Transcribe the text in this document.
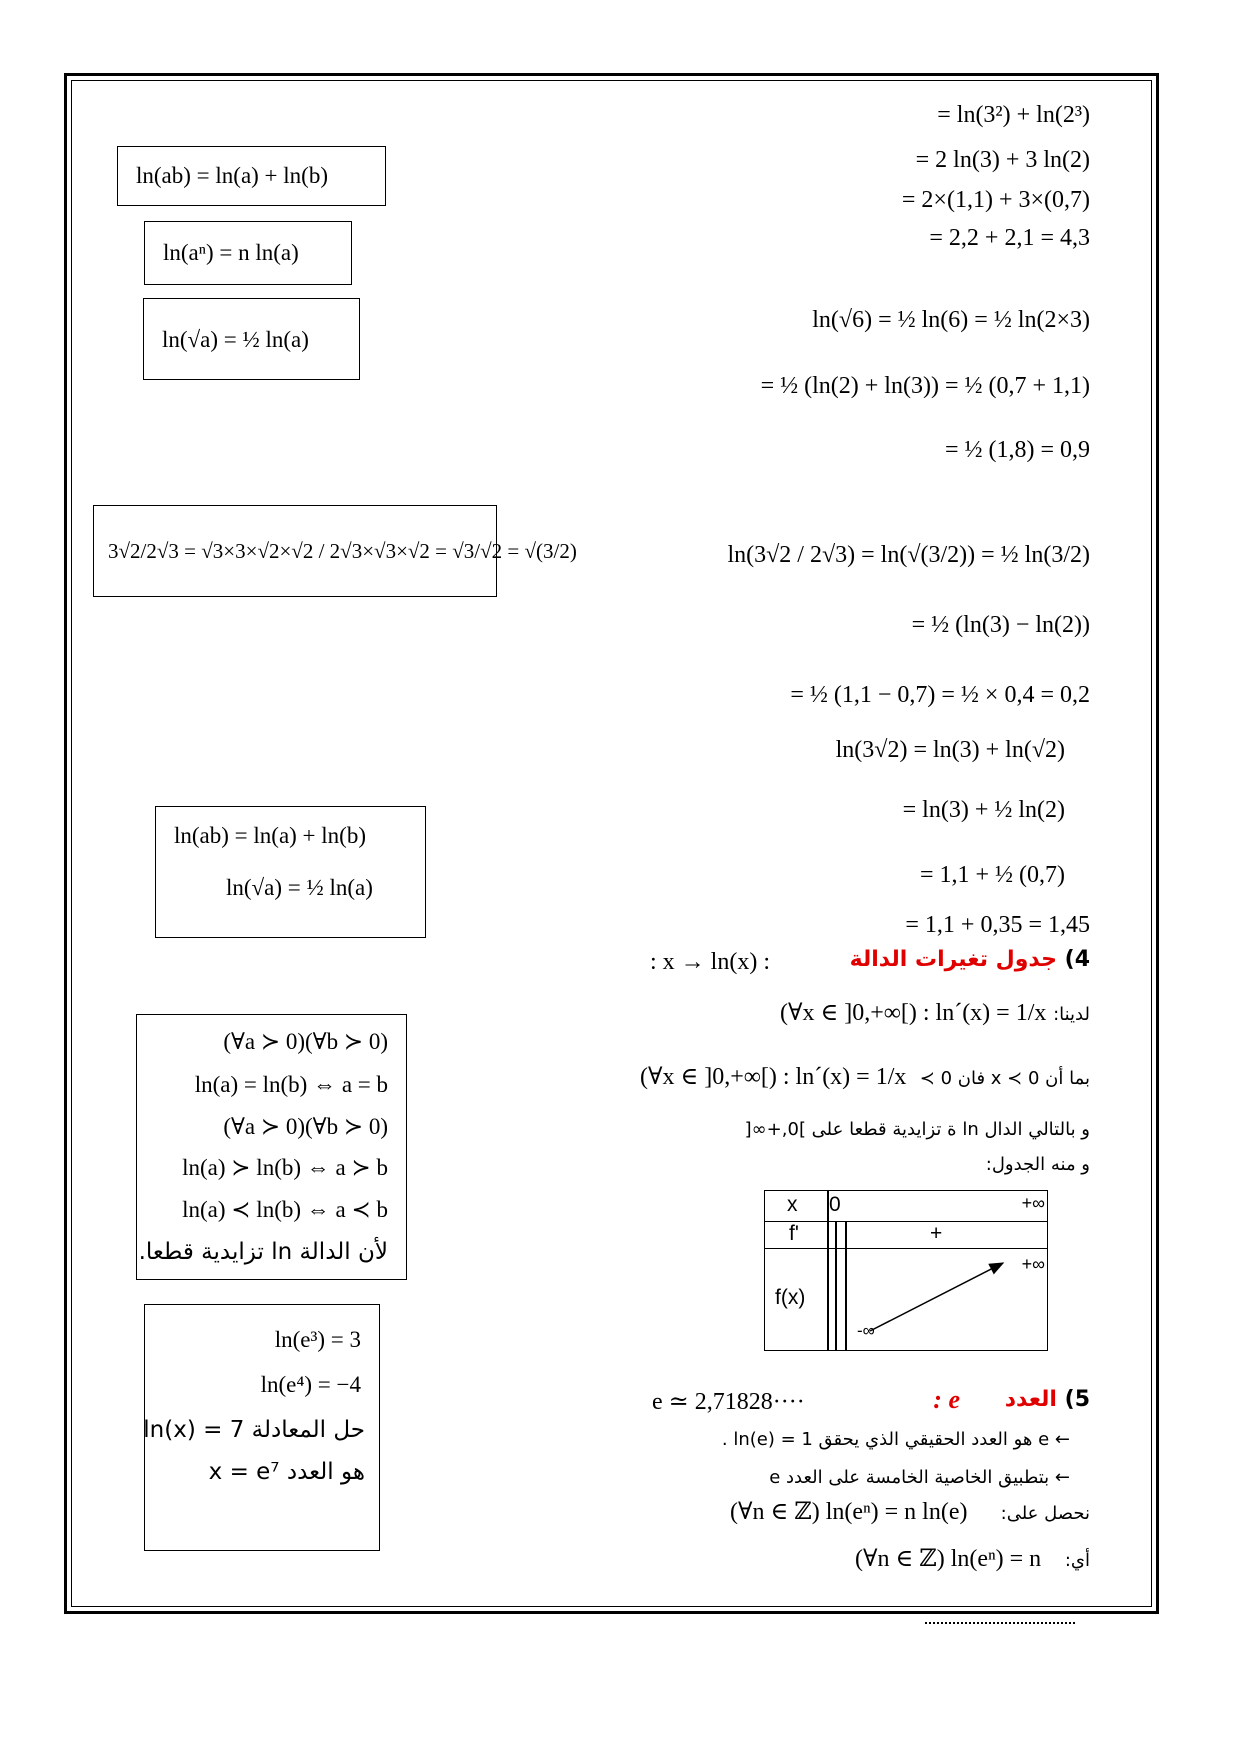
= ln(3²) + ln(2³)
= 2 ln(3) + 3 ln(2)
= 2×(1,1) + 3×(0,7)
= 2,2 + 2,1 = 4,3
ln(√6) = ½ ln(6) = ½ ln(2×3)
= ½ (ln(2) + ln(3)) = ½ (0,7 + 1,1)
= ½ (1,8) = 0,9
ln(3√2 / 2√3) = ln(√(3/2)) = ½ ln(3/2)
= ½ (ln(3) − ln(2))
= ½ (1,1 − 0,7) = ½ × 0,4 = 0,2
ln(3√2) = ln(3) + ln(√2)
= ln(3) + ½ ln(2)
= 1,1 + ½ (0,7)
= 1,1 + 0,35 = 1,45
4) جدول تغيرات الدالة
: x → ln(x) :
(∀x ∈ ]0,+∞[) : ln´(x) = 1/x لدينا:
(∀x ∈ ]0,+∞[) : ln´(x) = 1/x بما أن 0 ≻ x فان 0 ≻
و بالتالي الدال ln ة تزايدية قطعا على ]0,+∞[
و منه الجدول:
x 0	+∞
f'	+
f(x)
-∞
+∞
5) العدد
e :
e ≃ 2,71828····
← e هو العدد الحقيقي الذي يحقق ln(e) = 1 .
← بتطبيق الخاصية الخامسة على العدد e
(∀n ∈ ℤ) ln(eⁿ) = n ln(e) نحصل على:
(∀n ∈ ℤ) ln(eⁿ) = n أي:
ln(ab) = ln(a) + ln(b)
ln(aⁿ) = n ln(a)
ln(√a) = ½ ln(a)
3√2/2√3 = √3×3×√2×√2 / 2√3×√3×√2 = √3/√2 = √(3/2)
ln(ab) = ln(a) + ln(b)
ln(√a) = ½ ln(a)
(∀a ≻ 0)(∀b ≻ 0)
ln(a) = ln(b) ⇔ a = b
(∀a ≻ 0)(∀b ≻ 0)
ln(a) ≻ ln(b) ⇔ a ≻ b
ln(a) ≺ ln(b) ⇔ a ≺ b
لأن الدالة ln تزايدية قطعا.
ln(e³) = 3
ln(e⁴) = −4
حل المعادلة ln(x) = 7
هو العدد x = e⁷
